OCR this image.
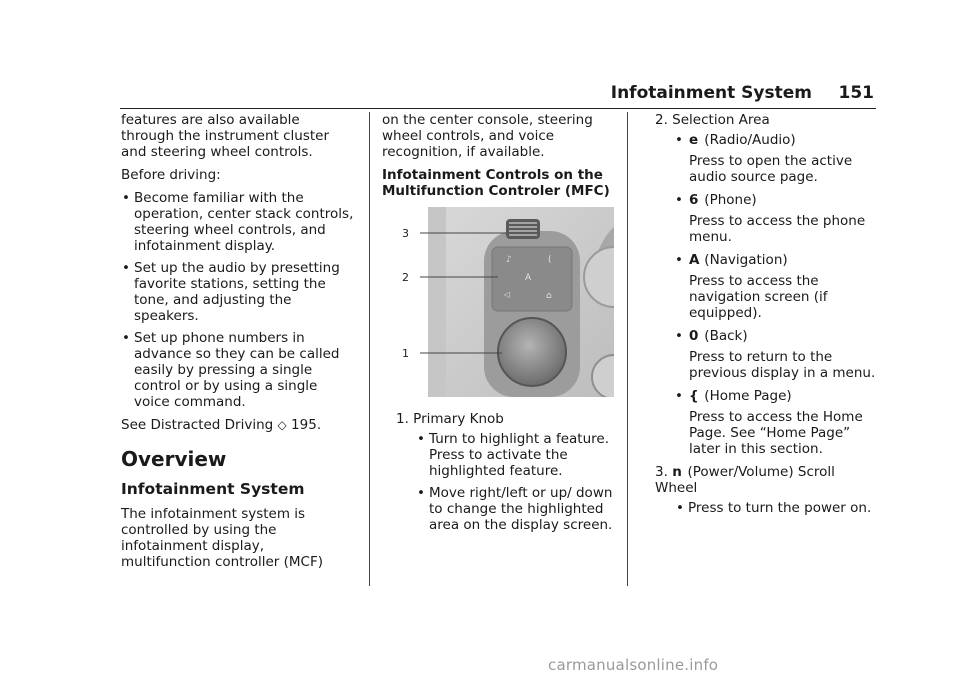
Infotainment System 151

features are also available through the instrument cluster and steering wheel controls.

Before driving:

• Become familiar with the operation, center stack controls, steering wheel controls, and infotainment display.
• Set up the audio by presetting favorite stations, setting the tone, and adjusting the speakers.
• Set up phone numbers in advance so they can be called easily by pressing a single control or by using a single voice command.

See Distracted Driving ◇ 195.

Overview
Infotainment System

The infotainment system is controlled by using the infotainment display, multifunction controller (MCF)

on the center console, steering wheel controls, and voice recognition, if available.

Infotainment Controls on the Multifunction Controler (MFC)
♪	(
A
◁	⌂
3
2
1
1. Primary Knob
• Turn to highlight a feature. Press to activate the highlighted feature.
• Move right/left or up/ down to change the highlighted area on the display screen.
2. Selection Area
• e (Radio/Audio)

Press to open the active audio source page.

• 6 (Phone)

Press to access the phone menu.

• A (Navigation)

Press to access the navigation screen (if equipped).

• 0 (Back)

Press to return to the previous display in a menu.

• { (Home Page)

Press to access the Home Page. See “Home Page” later in this section.

3. n (Power/Volume) Scroll Wheel
• Press to turn the power on.
carmanualsonline.info
